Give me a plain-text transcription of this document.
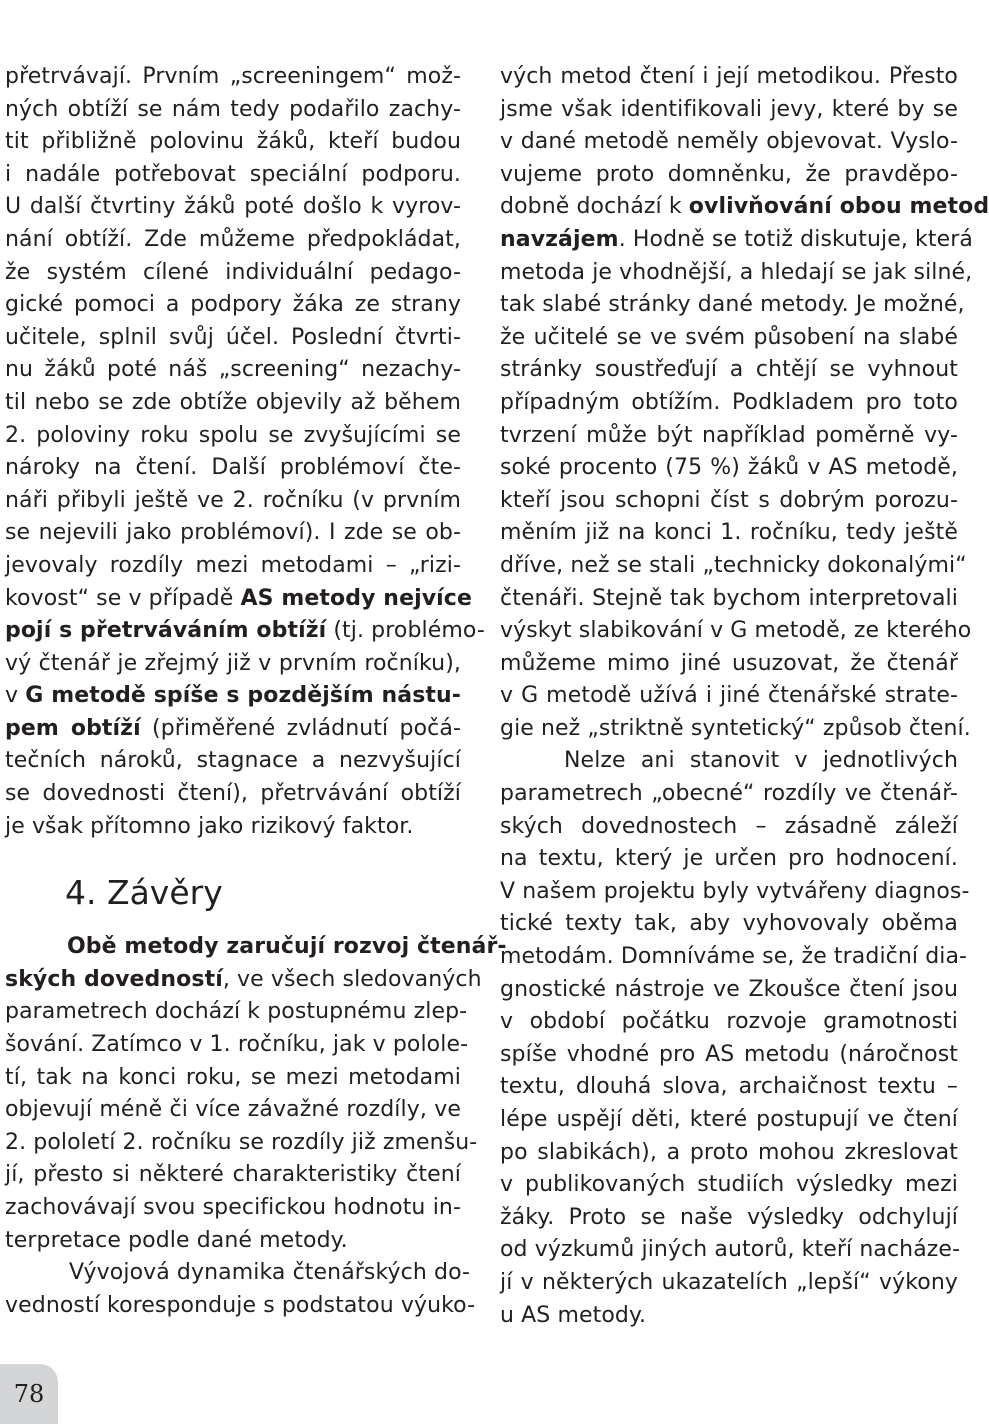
přetrvávají. Prvním „screeningem“ mož-
ných obtíží se nám tedy podařilo zachy-
tit přibližně polovinu žáků, kteří budou
i nadále potřebovat speciální podporu.
U další čtvrtiny žáků poté došlo k vyrov-
nání obtíží. Zde můžeme předpokládat,
že systém cílené individuální pedago-
gické pomoci a podpory žáka ze strany
učitele, splnil svůj účel. Poslední čtvrti-
nu žáků poté náš „screening“ nezachy-
til nebo se zde obtíže objevily až během
2. poloviny roku spolu se zvyšujícími se
nároky na čtení. Další problémoví čte-
náři přibyli ještě ve 2. ročníku (v prvním
se nejevili jako problémoví). I zde se ob-
jevovaly rozdíly mezi metodami – „rizi-
kovost“ se v případě AS metody nejvíce
pojí s přetrváváním obtíží (tj. problémo-
vý čtenář je zřejmý již v prvním ročníku),
v G metodě spíše s pozdějším nástu-
pem obtíží (přiměřené zvládnutí počá-
tečních nároků, stagnace a nezvyšující
se dovednosti čtení), přetrvávání obtíží
je však přítomno jako rizikový faktor.
4. Závěry
Obě metody zaručují rozvoj čtenář-
ských dovedností, ve všech sledovaných
parametrech dochází k postupnému zlep-
šování. Zatímco v 1. ročníku, jak v polole-
tí, tak na konci roku, se mezi metodami
objevují méně či více závažné rozdíly, ve
2. pololetí 2. ročníku se rozdíly již zmenšu-
jí, přesto si některé charakteristiky čtení
zachovávají svou specifickou hodnotu in-
terpretace podle dané metody.
Vývojová dynamika čtenářských do-
vedností koresponduje s podstatou výuko-
vých metod čtení i její metodikou. Přesto
jsme však identifikovali jevy, které by se
v dané metodě neměly objevovat. Vyslo-
vujeme proto domněnku, že pravděpo-
dobně dochází k ovlivňování obou metod
navzájem. Hodně se totiž diskutuje, která
metoda je vhodnější, a hledají se jak silné,
tak slabé stránky dané metody. Je možné,
že učitelé se ve svém působení na slabé
stránky soustřeďují a chtějí se vyhnout
případným obtížím. Podkladem pro toto
tvrzení může být například poměrně vy-
soké procento (75 %) žáků v AS metodě,
kteří jsou schopni číst s dobrým porozu-
měním již na konci 1. ročníku, tedy ještě
dříve, než se stali „technicky dokonalými“
čtenáři. Stejně tak bychom interpretovali
výskyt slabikování v G metodě, ze kterého
můžeme mimo jiné usuzovat, že čtenář
v G metodě užívá i jiné čtenářské strate-
gie než „striktně syntetický“ způsob čtení.
Nelze ani stanovit v jednotlivých
parametrech „obecné“ rozdíly ve čtenář-
ských dovednostech – zásadně záleží
na textu, který je určen pro hodnocení.
V našem projektu byly vytvářeny diagnos-
tické texty tak, aby vyhovovaly oběma
metodám. Domníváme se, že tradiční dia-
gnostické nástroje ve Zkoušce čtení jsou
v období počátku rozvoje gramotnosti
spíše vhodné pro AS metodu (náročnost
textu, dlouhá slova, archaičnost textu –
lépe uspějí děti, které postupují ve čtení
po slabikách), a proto mohou zkreslovat
v publikovaných studiích výsledky mezi
žáky. Proto se naše výsledky odchylují
od výzkumů jiných autorů, kteří nacháze-
jí v některých ukazatelích „lepší“ výkony
u AS metody.
78
